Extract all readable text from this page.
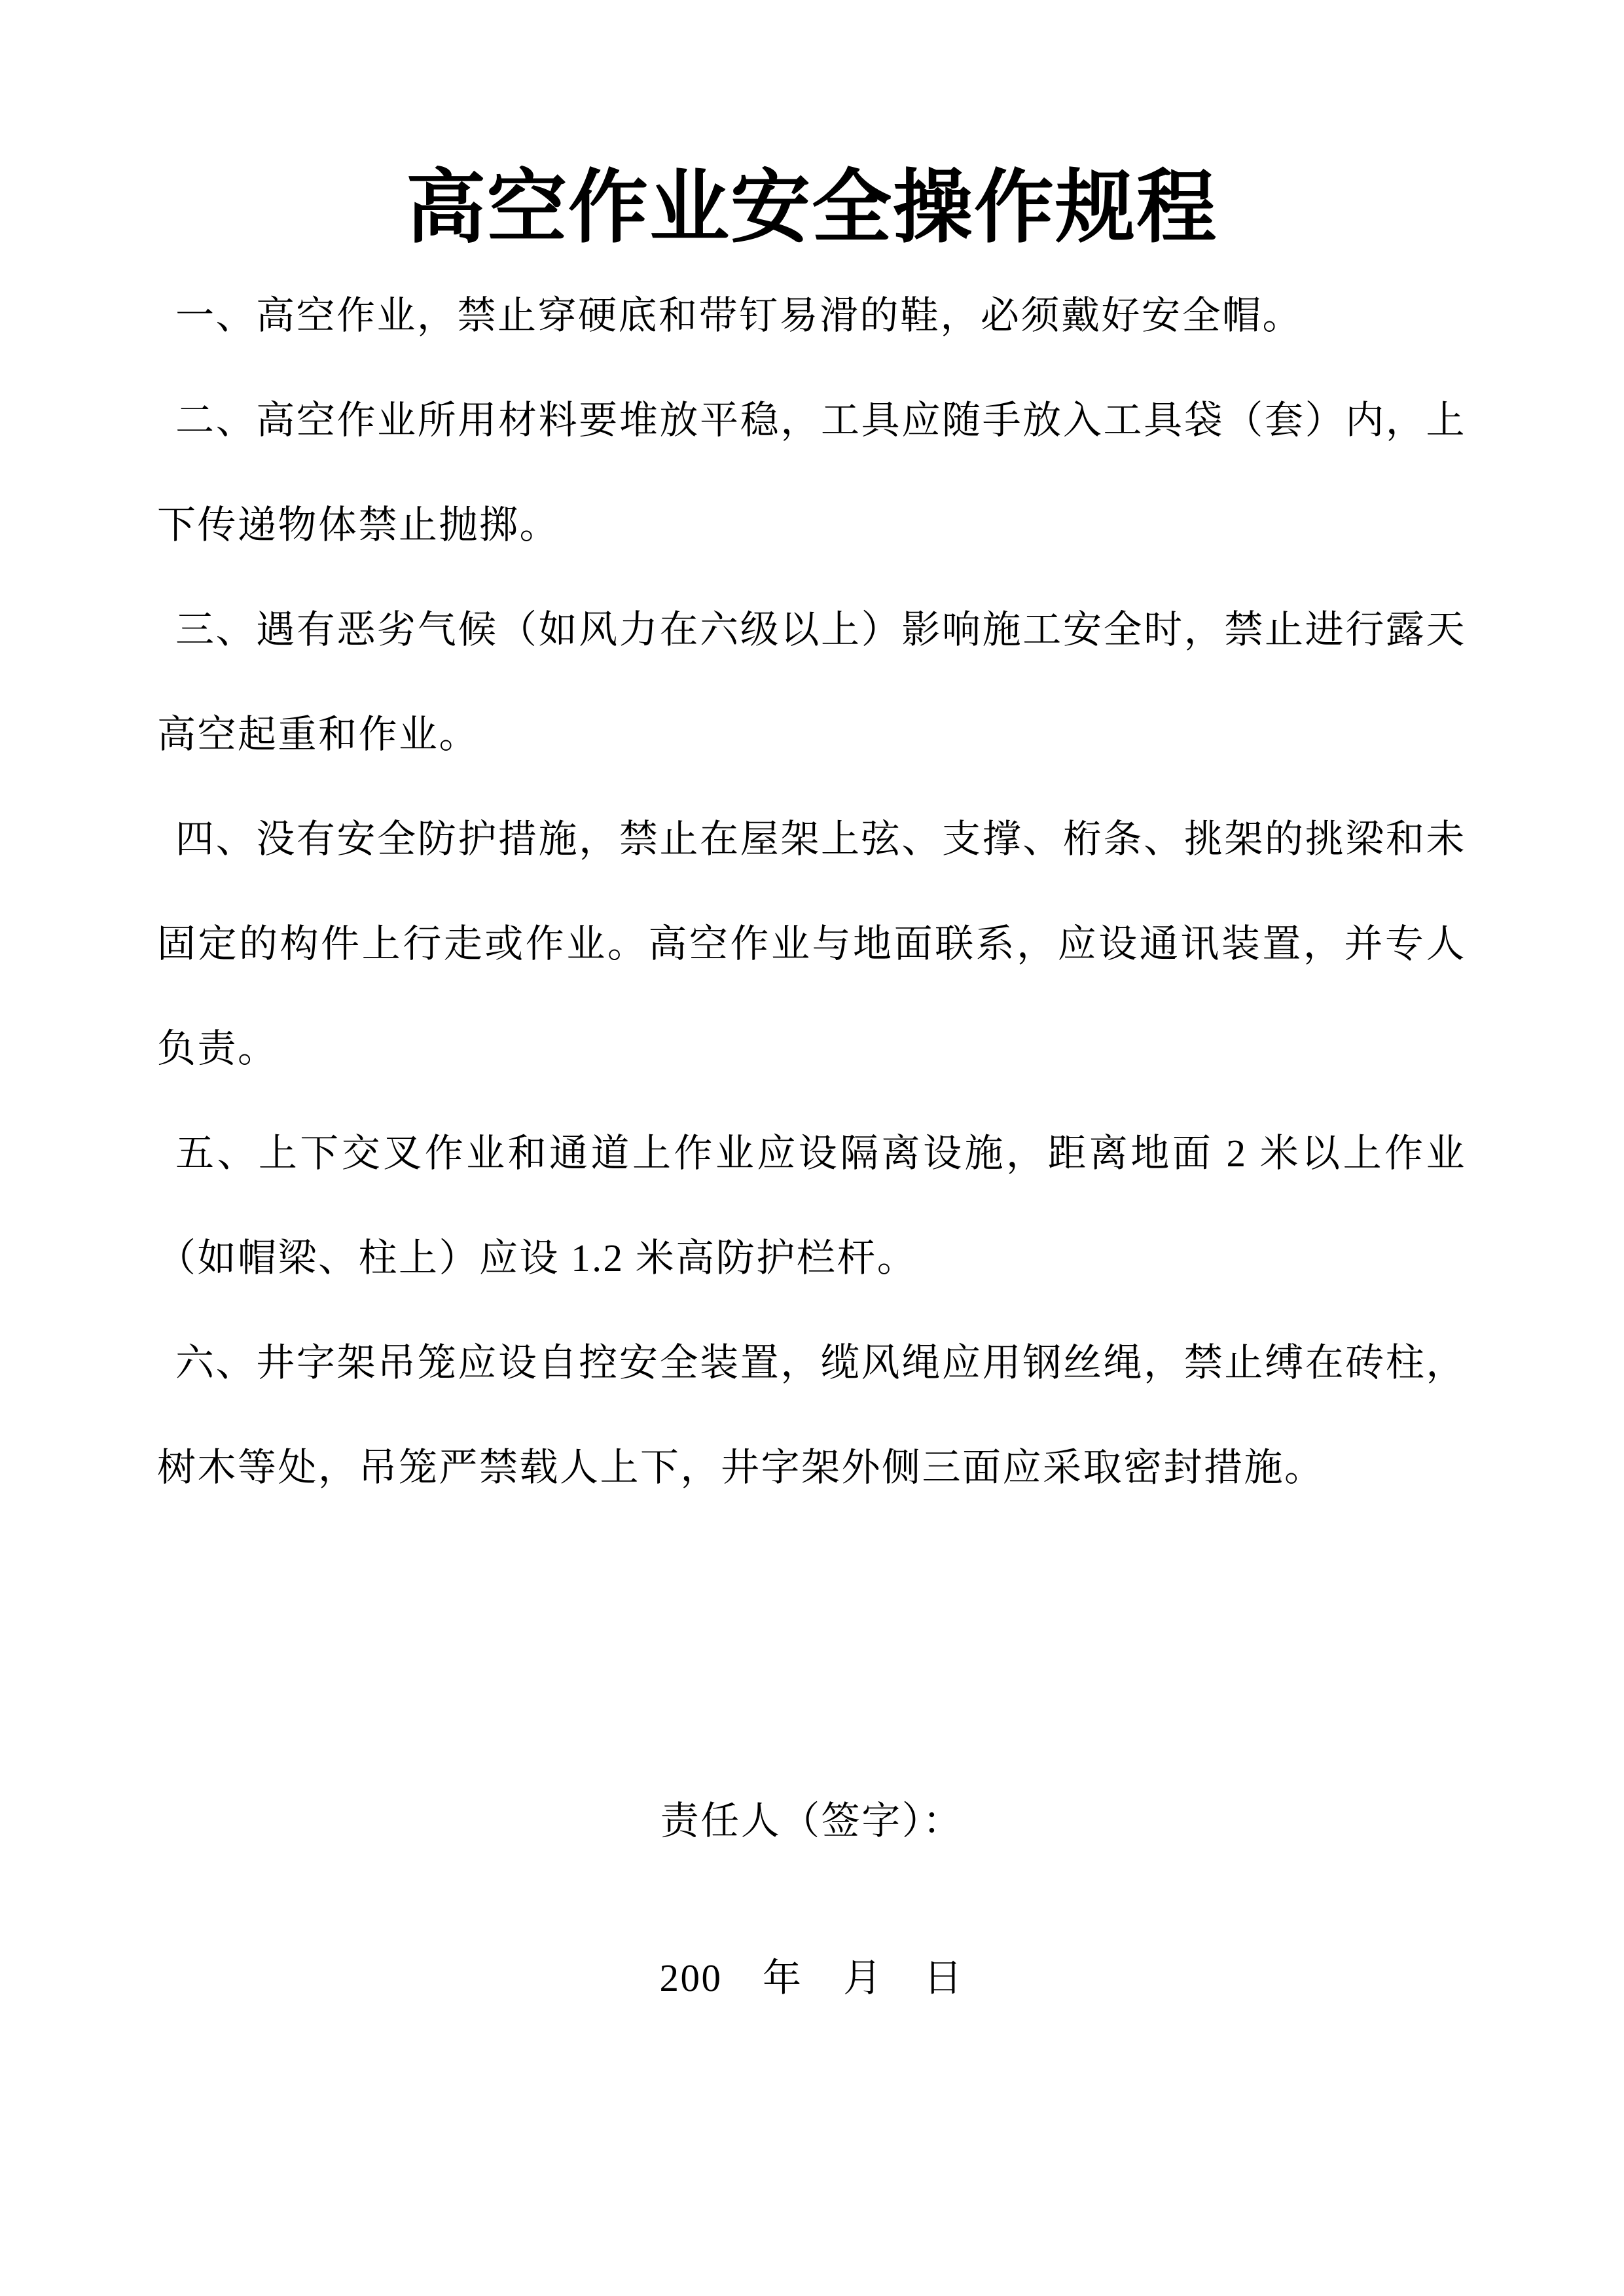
高空作业安全操作规程

一、高空作业，禁止穿硬底和带钉易滑的鞋，必须戴好安全帽。

二、高空作业所用材料要堆放平稳，工具应随手放入工具袋（套）内，上下传递物体禁止抛掷。

三、遇有恶劣气候（如风力在六级以上）影响施工安全时，禁止进行露天高空起重和作业。

四、没有安全防护措施，禁止在屋架上弦、支撑、桁条、挑架的挑梁和未固定的构件上行走或作业。高空作业与地面联系，应设通讯装置，并专人负责。

五、上下交叉作业和通道上作业应设隔离设施，距离地面 2 米以上作业（如帽梁、柱上）应设 1.2 米高防护栏杆。

六、井字架吊笼应设自控安全装置，缆风绳应用钢丝绳，禁止缚在砖柱，树木等处，吊笼严禁载人上下，井字架外侧三面应采取密封措施。

责任人（签字）：

200　年　月　日
